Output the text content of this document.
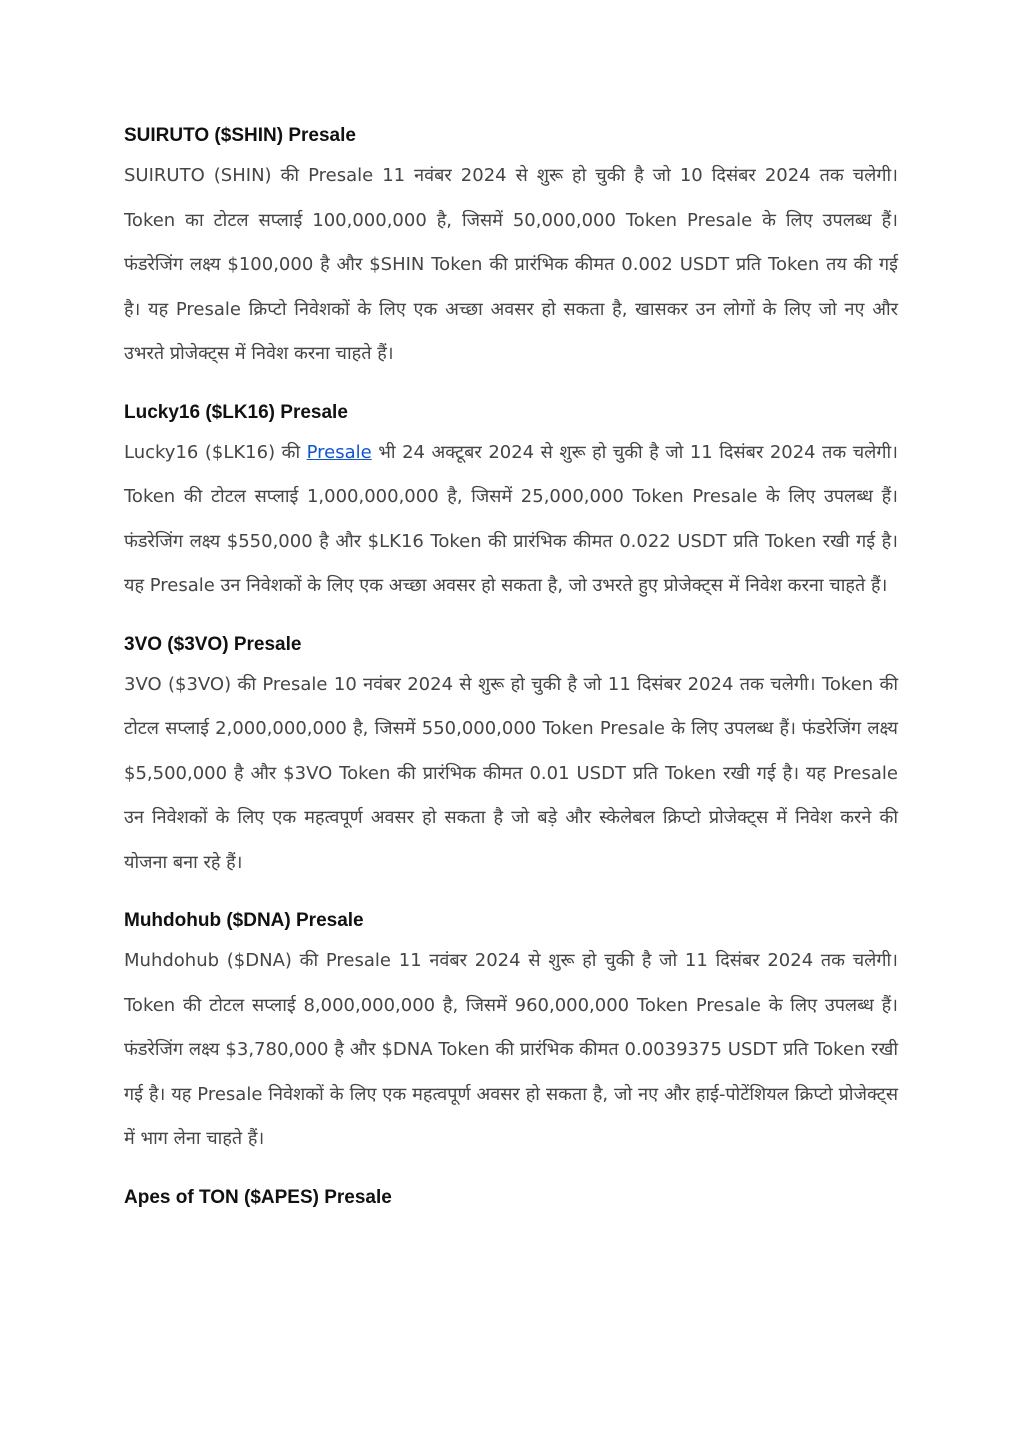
SUIRUTO ($SHIN) Presale

SUIRUTO (SHIN) की Presale 11 नवंबर 2024 से शुरू हो चुकी है जो 10 दिसंबर 2024 तक चलेगी। Token का टोटल सप्लाई 100,000,000 है, जिसमें 50,000,000 Token Presale के लिए उपलब्ध हैं। फंडरेजिंग लक्ष्य $100,000 है और $SHIN Token की प्रारंभिक कीमत 0.002 USDT प्रति Token तय की गई है। यह Presale क्रिप्टो निवेशकों के लिए एक अच्छा अवसर हो सकता है, खासकर उन लोगों के लिए जो नए और उभरते प्रोजेक्ट्स में निवेश करना चाहते हैं।

Lucky16 ($LK16) Presale

Lucky16 ($LK16) की Presale भी 24 अक्टूबर 2024 से शुरू हो चुकी है जो 11 दिसंबर 2024 तक चलेगी। Token की टोटल सप्लाई 1,000,000,000 है, जिसमें 25,000,000 Token Presale के लिए उपलब्ध हैं। फंडरेजिंग लक्ष्य $550,000 है और $LK16 Token की प्रारंभिक कीमत 0.022 USDT प्रति Token रखी गई है। यह Presale उन निवेशकों के लिए एक अच्छा अवसर हो सकता है, जो उभरते हुए प्रोजेक्ट्स में निवेश करना चाहते हैं।

3VO ($3VO) Presale

3VO ($3VO) की Presale 10 नवंबर 2024 से शुरू हो चुकी है जो 11 दिसंबर 2024 तक चलेगी। Token की टोटल सप्लाई 2,000,000,000 है, जिसमें 550,000,000 Token Presale के लिए उपलब्ध हैं। फंडरेजिंग लक्ष्य $5,500,000 है और $3VO Token की प्रारंभिक कीमत 0.01 USDT प्रति Token रखी गई है। यह Presale उन निवेशकों के लिए एक महत्वपूर्ण अवसर हो सकता है जो बड़े और स्केलेबल क्रिप्टो प्रोजेक्ट्स में निवेश करने की योजना बना रहे हैं।

Muhdohub ($DNA) Presale

Muhdohub ($DNA) की Presale 11 नवंबर 2024 से शुरू हो चुकी है जो 11 दिसंबर 2024 तक चलेगी। Token की टोटल सप्लाई 8,000,000,000 है, जिसमें 960,000,000 Token Presale के लिए उपलब्ध हैं। फंडरेजिंग लक्ष्य $3,780,000 है और $DNA Token की प्रारंभिक कीमत 0.0039375 USDT प्रति Token रखी गई है। यह Presale निवेशकों के लिए एक महत्वपूर्ण अवसर हो सकता है, जो नए और हाई-पोटेंशियल क्रिप्टो प्रोजेक्ट्स में भाग लेना चाहते हैं।

Apes of TON ($APES) Presale
